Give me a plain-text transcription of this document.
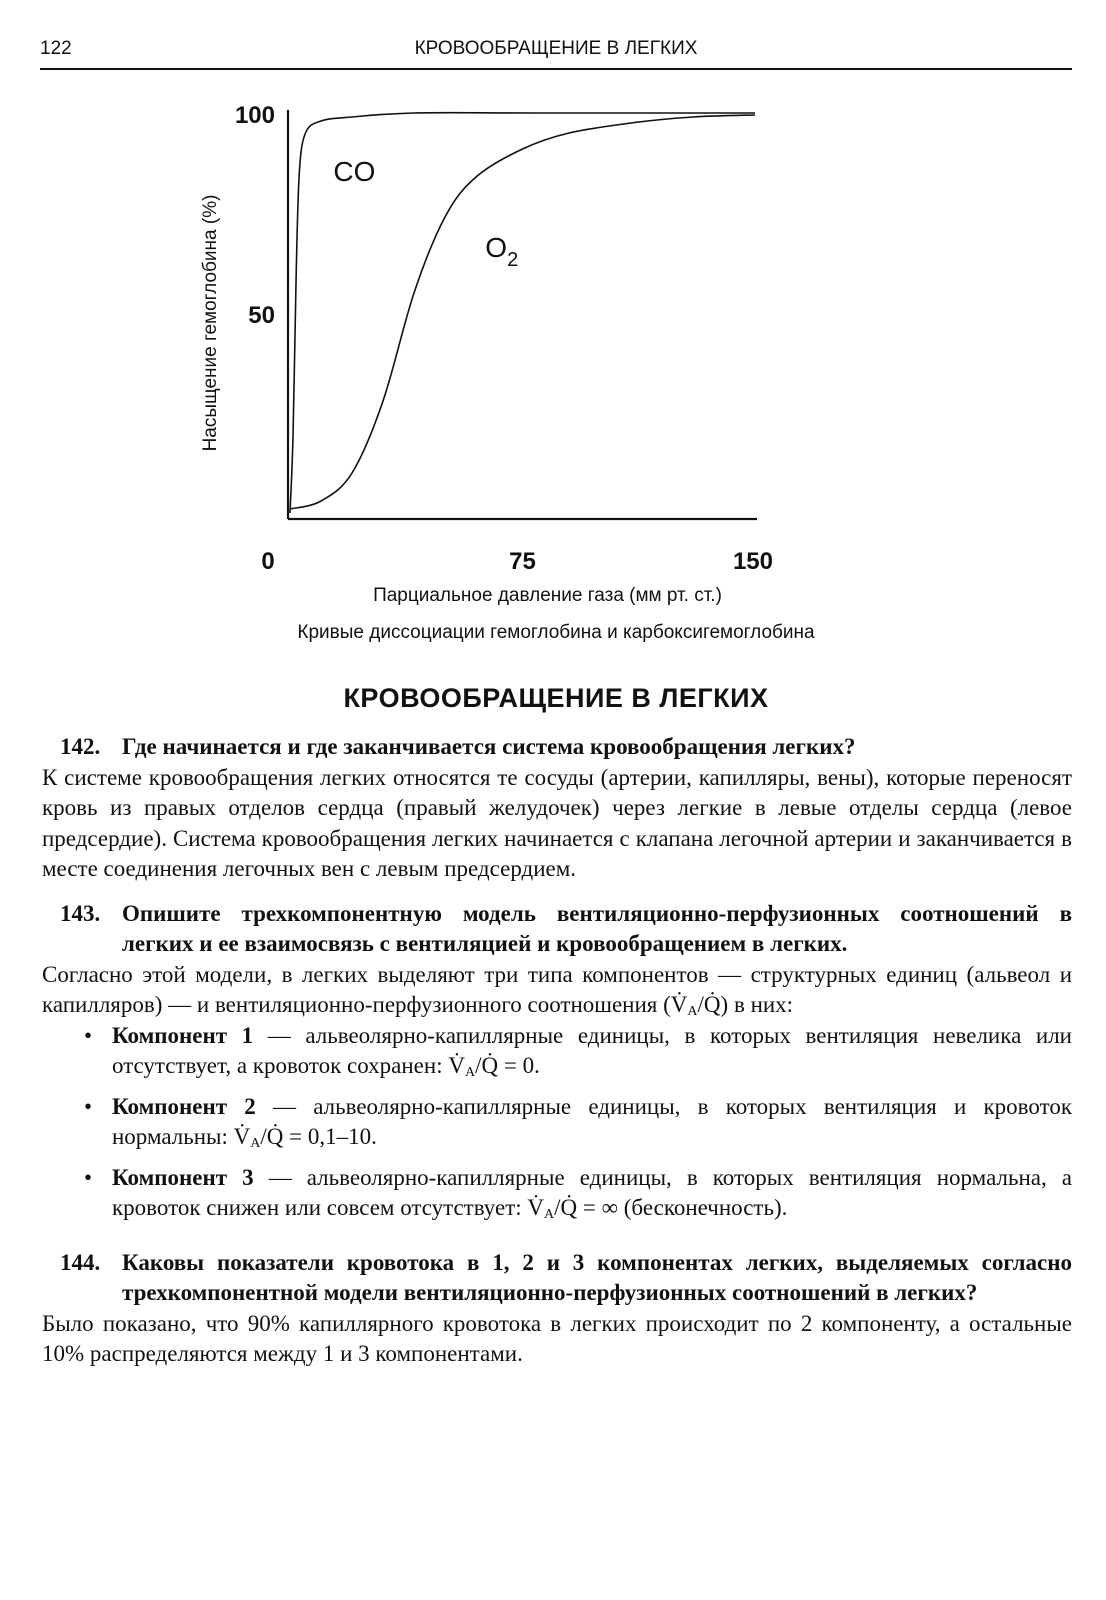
122	КРОВООБРАЩЕНИЕ В ЛЕГКИХ
50
100
0	75	150
Парциальное давление газа (мм рт. ст.)
Насыщение гемоглобина (%)
CO
$O_2$
Кривые диссоциации гемоглобина и карбоксигемоглобина
КРОВООБРАЩЕНИЕ В ЛЕГКИХ

142. Где начинается и где заканчивается система кровообращения легких?

К системе кровообращения легких относятся те сосуды (артерии, капилляры, вены), которые переносят кровь из правых отделов сердца (правый желудочек) через легкие в левые отделы сердца (левое предсердие). Система кровообращения легких начинается с клапана легочной артерии и заканчивается в месте соединения легочных вен с левым предсердием.

143. Опишите трехкомпонентную модель вентиляционно-перфузионных соотношений в легких и ее взаимосвязь с вентиляцией и кровообращением в легких.

Согласно этой модели, в легких выделяют три типа компонентов — структурных единиц (альвеол и капилляров) — и вентиляционно-перфузионного соотношения $(V̇_A/Q̇)$ в них:

• Компонент 1 — альвеолярно-капиллярные единицы, в которых вентиляция невелика или отсутствует, а кровоток сохранен: $V̇_A/Q̇ = 0$.
• Компонент 2 — альвеолярно-капиллярные единицы, в которых вентиляция и кровоток нормальны: $V̇_A/Q̇ = 0,1-10$.
• Компонент 3 — альвеолярно-капиллярные единицы, в которых вентиляция нормальна, а кровоток снижен или совсем отсутствует: $V̇_A/Q̇$ = ∞ (бесконечность).

144. Каковы показатели кровотока в 1, 2 и 3 компонентах легких, выделяемых согласно трехкомпонентной модели вентиляционно-перфузионных соотношений в легких?

Было показано, что 90% капиллярного кровотока в легких происходит по 2 компоненту, а остальные 10% распределяются между 1 и 3 компонентами.
